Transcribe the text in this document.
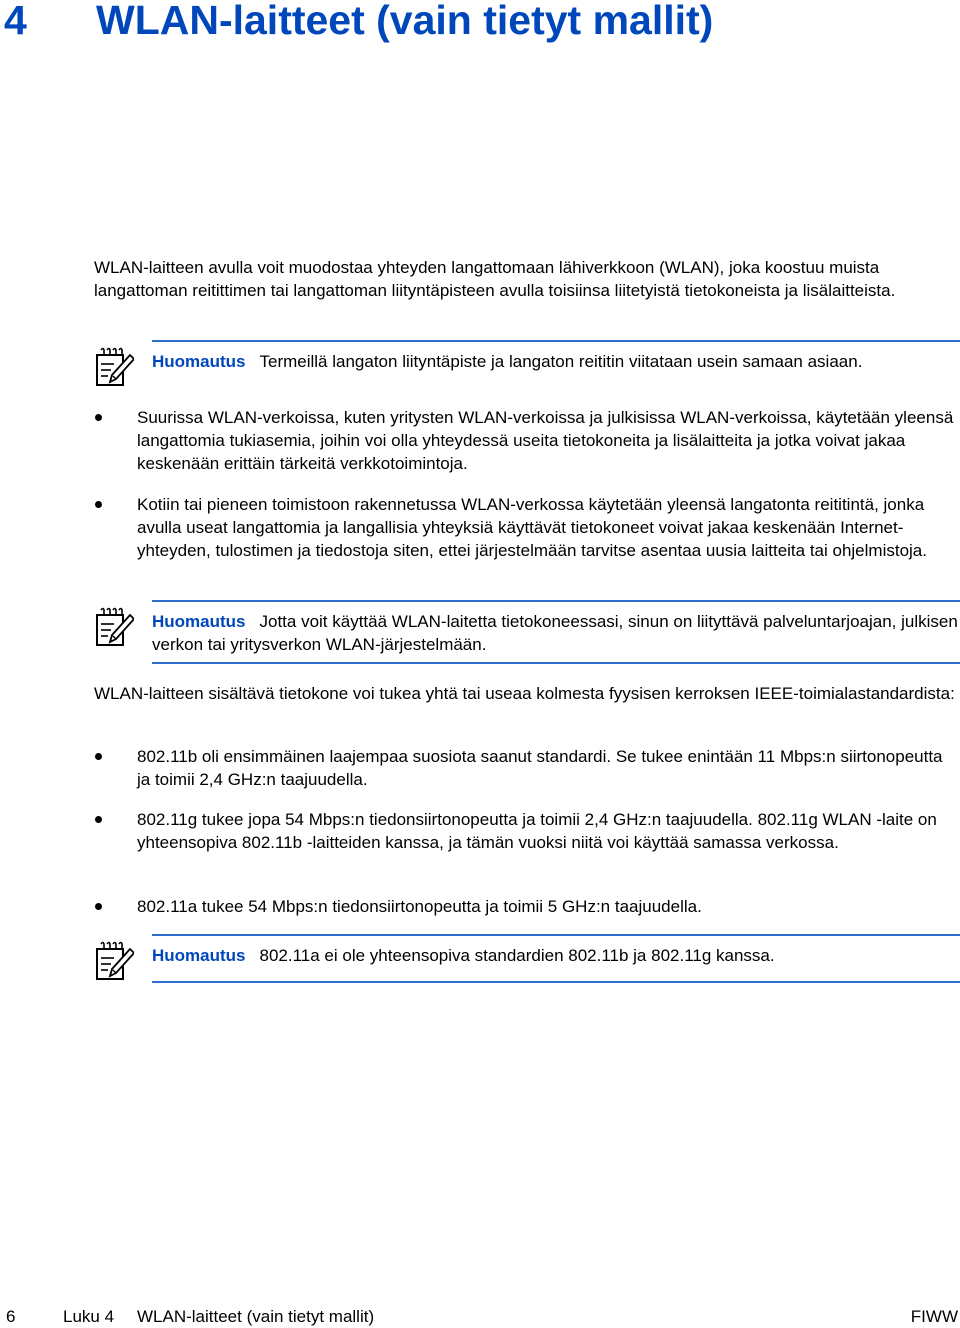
4 WLAN-laitteet (vain tietyt mallit)

WLAN-laitteen avulla voit muodostaa yhteyden langattomaan lähiverkkoon (WLAN), joka koostuu muista langattoman reitittimen tai langattoman liityntäpisteen avulla toisiinsa liitetyistä tietokoneista ja lisälaitteista.

Huomautus Termeillä langaton liityntäpiste ja langaton reititin viitataan usein samaan asiaan.

Suurissa WLAN-verkoissa, kuten yritysten WLAN-verkoissa ja julkisissa WLAN-verkoissa, käytetään yleensä langattomia tukiasemia, joihin voi olla yhteydessä useita tietokoneita ja lisälaitteita ja jotka voivat jakaa keskenään erittäin tärkeitä verkkotoimintoja.

Kotiin tai pieneen toimistoon rakennetussa WLAN-verkossa käytetään yleensä langatonta reititintä, jonka avulla useat langattomia ja langallisia yhteyksiä käyttävät tietokoneet voivat jakaa keskenään Internet-yhteyden, tulostimen ja tiedostoja siten, ettei järjestelmään tarvitse asentaa uusia laitteita tai ohjelmistoja.

Huomautus Jotta voit käyttää WLAN-laitetta tietokoneessasi, sinun on liityttävä palveluntarjoajan, julkisen verkon tai yritysverkon WLAN-järjestelmään.

WLAN-laitteen sisältävä tietokone voi tukea yhtä tai useaa kolmesta fyysisen kerroksen IEEE-toimialastandardista:

802.11b oli ensimmäinen laajempaa suosiota saanut standardi. Se tukee enintään 11 Mbps:n siirtonopeutta ja toimii 2,4 GHz:n taajuudella.

802.11g tukee jopa 54 Mbps:n tiedonsiirtonopeutta ja toimii 2,4 GHz:n taajuudella. 802.11g WLAN -laite on yhteensopiva 802.11b -laitteiden kanssa, ja tämän vuoksi niitä voi käyttää samassa verkossa.

802.11a tukee 54 Mbps:n tiedonsiirtonopeutta ja toimii 5 GHz:n taajuudella.

Huomautus 802.11a ei ole yhteensopiva standardien 802.11b ja 802.11g kanssa.

6	Luku 4 WLAN-laitteet (vain tietyt mallit)	FIWW
